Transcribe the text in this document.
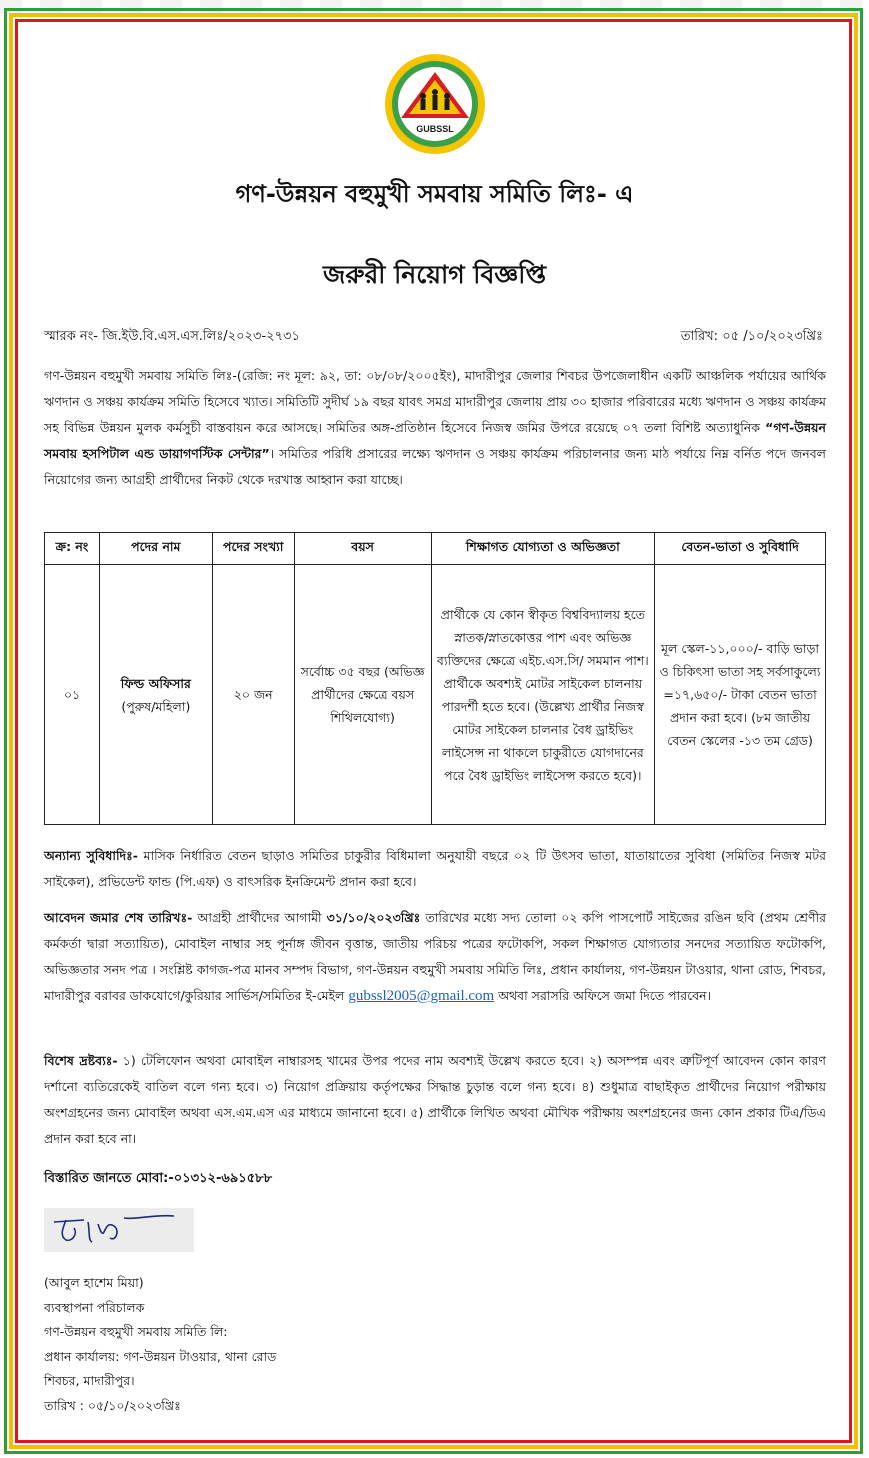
GUBSSL
গণ-উন্নয়ন বহুমুখী সমবায় সমিতি লিঃ- এ
জরুরী নিয়োগ বিজ্ঞপ্তি
স্মারক নং- জি.ইউ.বি.এস.এস.লিঃ/২০২৩-২৭৩১	তারিখ: ০৫ /১০/২০২৩খ্রিঃ
গণ-উন্নয়ন বহুমুখী সমবায় সমিতি লিঃ-(রেজি: নং মূল: ৯২, তা: ০৮/০৮/২০০৫ইং), মাদারীপুর জেলার শিবচর উপজেলাধীন একটি আঞ্চলিক পর্যায়ের আর্থিক ঋণদান ও সঞ্চয় কার্যক্রম সমিতি হিসেবে খ্যাত। সমিতিটি সুদীর্ঘ ১৯ বছর যাবৎ সমগ্র মাদারীপুর জেলায় প্রায় ৩০ হাজার পরিবারের মধ্যে ঋণদান ও সঞ্চয় কার্যক্রম সহ বিভিন্ন উন্নয়ন মুলক কর্মসুচী বাস্তবায়ন করে আসছে। সমিতির অঙ্গ-প্রতিষ্ঠান হিসেবে নিজস্ব জমির উপরে রয়েছে ০৭ তলা বিশিষ্ট অত্যাধুনিক “গণ-উন্নয়ন সমবায় হসপিটাল এন্ড ডায়াগণস্টিক সেন্টার”। সমিতির পরিধি প্রসারের লক্ষ্যে ঋণদান ও সঞ্চয় কার্যক্রম পরিচালনার জন্য মাঠ পর্যায়ে নিম্ন বর্নিত পদে জনবল নিয়োগের জন্য আগ্রহী প্রার্থীদের নিকট থেকে দরখাস্ত আহ্বান করা যাচ্ছে।
ক্র: নং	পদের নাম	পদের সংখ্যা	বয়স	শিক্ষাগত যোগ্যতা ও অভিজ্ঞতা	বেতন-ভাতা ও সুবিধাদি
০১	ফিল্ড অফিসার
(পুরুষ/মহিলা)	২০ জন	সর্বোচ্চ ৩৫ বছর (অভিজ্ঞ প্রার্থীদের ক্ষেত্রে বয়স শিথিলযোগ্য)	প্রার্থীকে যে কোন স্বীকৃত বিশ্ববিদ্যালয় হতে স্নাতক/স্নাতকোত্তর পাশ এবং অভিজ্ঞ ব্যক্তিদের ক্ষেত্রে এইচ.এস.সি/ সমমান পাশ। প্রার্থীকে অবশ্যই মোটর সাইকেল চালনায় পারদর্শী হতে হবে। (উল্লেখ্য প্রার্থীর নিজস্ব মোটর সাইকেল চালনার বৈধ ড্রাইভিং লাইসেন্স না থাকলে চাকুরীতে যোগদানের পরে বৈধ ড্রাইভিং লাইসেন্স করতে হবে)।	মূল স্কেল-১১,০০০/- বাড়ি ভাড়া ও চিকিৎসা ভাতা সহ সর্বসাকুল্যে =১৭,৬৫০/- টাকা বেতন ভাতা প্রদান করা হবে। (৮ম জাতীয় বেতন স্কেলের -১৩ তম গ্রেড)
অন্যান্য সুবিধাদিঃ- মাসিক নির্ধারিত বেতন ছাড়াও সমিতির চাকুরীর বিধিমালা অনুযায়ী বছরে ০২ টি উৎসব ভাতা, যাতায়াতের সুবিধা (সমিতির নিজস্ব মটর সাইকেল), প্রভিডেন্ট ফান্ড (পি.এফ) ও বাৎসরিক ইনক্রিমেন্ট প্রদান করা হবে।
আবেদন জমার শেষ তারিখঃ- আগ্রহী প্রার্থীদের আগামী ৩১/১০/২০২৩খ্রিঃ তারিখের মধ্যে সদ্য তোলা ০২ কপি পাসপোর্ট সাইজের রঙিন ছবি (প্রথম শ্রেণীর কর্মকর্তা দ্বারা সত্যায়িত), মোবাইল নাম্বার সহ পূর্নাঙ্গ জীবন বৃত্তান্ত, জাতীয় পরিচয় পত্রের ফটোকপি, সকল শিক্ষাগত যোগ্যতার সনদের সত্যায়িত ফটোকপি, অভিজ্ঞতার সনদ পত্র । সংশ্লিষ্ট কাগজ-পত্র মানব সম্পদ বিভাগ, গণ-উন্নয়ন বহুমুখী সমবায় সমিতি লিঃ, প্রধান কার্যালয়, গণ-উন্নয়ন টাওয়ার, থানা রোড, শিবচর, মাদারীপুর বরাবর ডাকযোগে/কুরিয়ার সার্ভিস/সমিতির ই-মেইল gubssl2005@gmail.com অথবা সরাসরি অফিসে জমা দিতে পারবেন।
বিশেষ দ্রষ্টব্যঃ- ১) টেলিফোন অথবা মোবাইল নাম্বারসহ খামের উপর পদের নাম অবশ্যই উল্লেখ করতে হবে। ২) অসম্পন্ন এবং ত্রুটিপূর্ণ আবেদন কোন কারণ দর্শানো ব্যতিরেকেই বাতিল বলে গন্য হবে। ৩) নিয়োগ প্রক্রিয়ায় কর্তৃপক্ষের সিদ্ধান্ত চুড়ান্ত বলে গন্য হবে। ৪) শুধুমাত্র বাছাইকৃত প্রার্থীদের নিয়োগ পরীক্ষায় অংশগ্রহনের জন্য মোবাইল অথবা এস.এম.এস এর মাধ্যমে জানানো হবে। ৫) প্রার্থীকে লিখিত অথবা মৌখিক পরীক্ষায় অংশগ্রহনের জন্য কোন প্রকার টিএ/ডিএ প্রদান করা হবে না।
বিস্তারিত জানতে মোবা:-০১৩১২-৬৯১৫৮৮
(আবুল হাশেম মিয়া)
ব্যবস্থাপনা পরিচালক
গণ-উন্নয়ন বহুমুখী সমবায় সমিতি লি:
প্রধান কার্যালয়: গণ-উন্নয়ন টাওয়ার, থানা রোড
শিবচর, মাদারীপুর।
তারিখ : ০৫/১০/২০২৩খ্রিঃ
